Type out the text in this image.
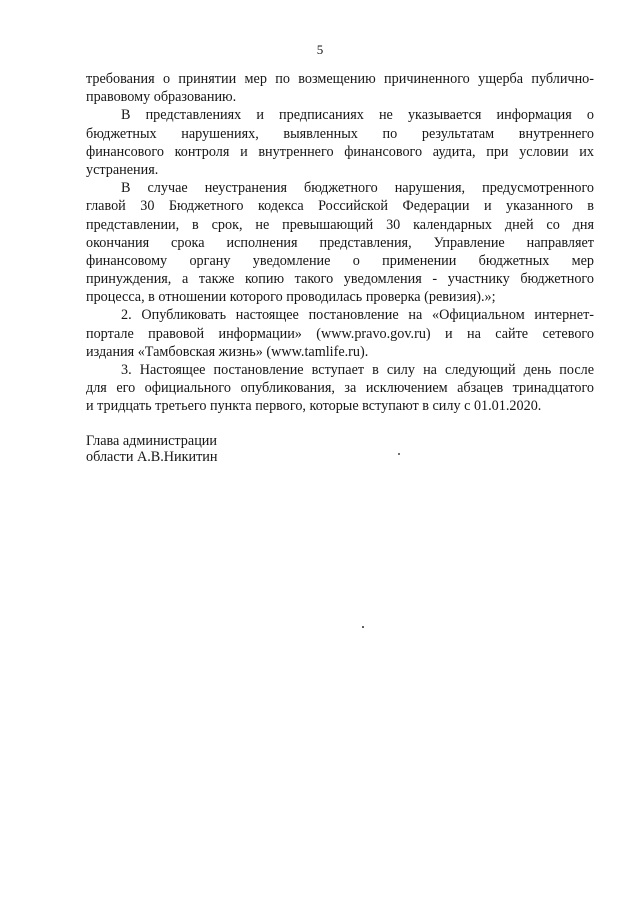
5
требования о принятии мер по возмещению причиненного ущерба публично-
правовому образованию.
В представлениях и предписаниях не указывается информация о
бюджетных нарушениях, выявленных по результатам внутреннего
финансового контроля и внутреннего финансового аудита, при условии их
устранения.
В случае неустранения бюджетного нарушения, предусмотренного
главой 30 Бюджетного кодекса Российской Федерации и указанного в
представлении, в срок, не превышающий 30 календарных дней со дня
окончания срока исполнения представления, Управление направляет
финансовому органу уведомление о применении бюджетных мер
принуждения, а также копию такого уведомления - участнику бюджетного
процесса, в отношении которого проводилась проверка (ревизия).»;
2. Опубликовать настоящее постановление на «Официальном интернет-
портале правовой информации» (www.pravo.gov.ru) и на сайте сетевого
издания «Тамбовская жизнь» (www.tamlife.ru).
3. Настоящее постановление вступает в силу на следующий день после
для его официального опубликования, за исключением абзацев тринадцатого
и тридцать третьего пункта первого, которые вступают в силу с 01.01.2020.
Глава администрации
области А.В.Никитин
